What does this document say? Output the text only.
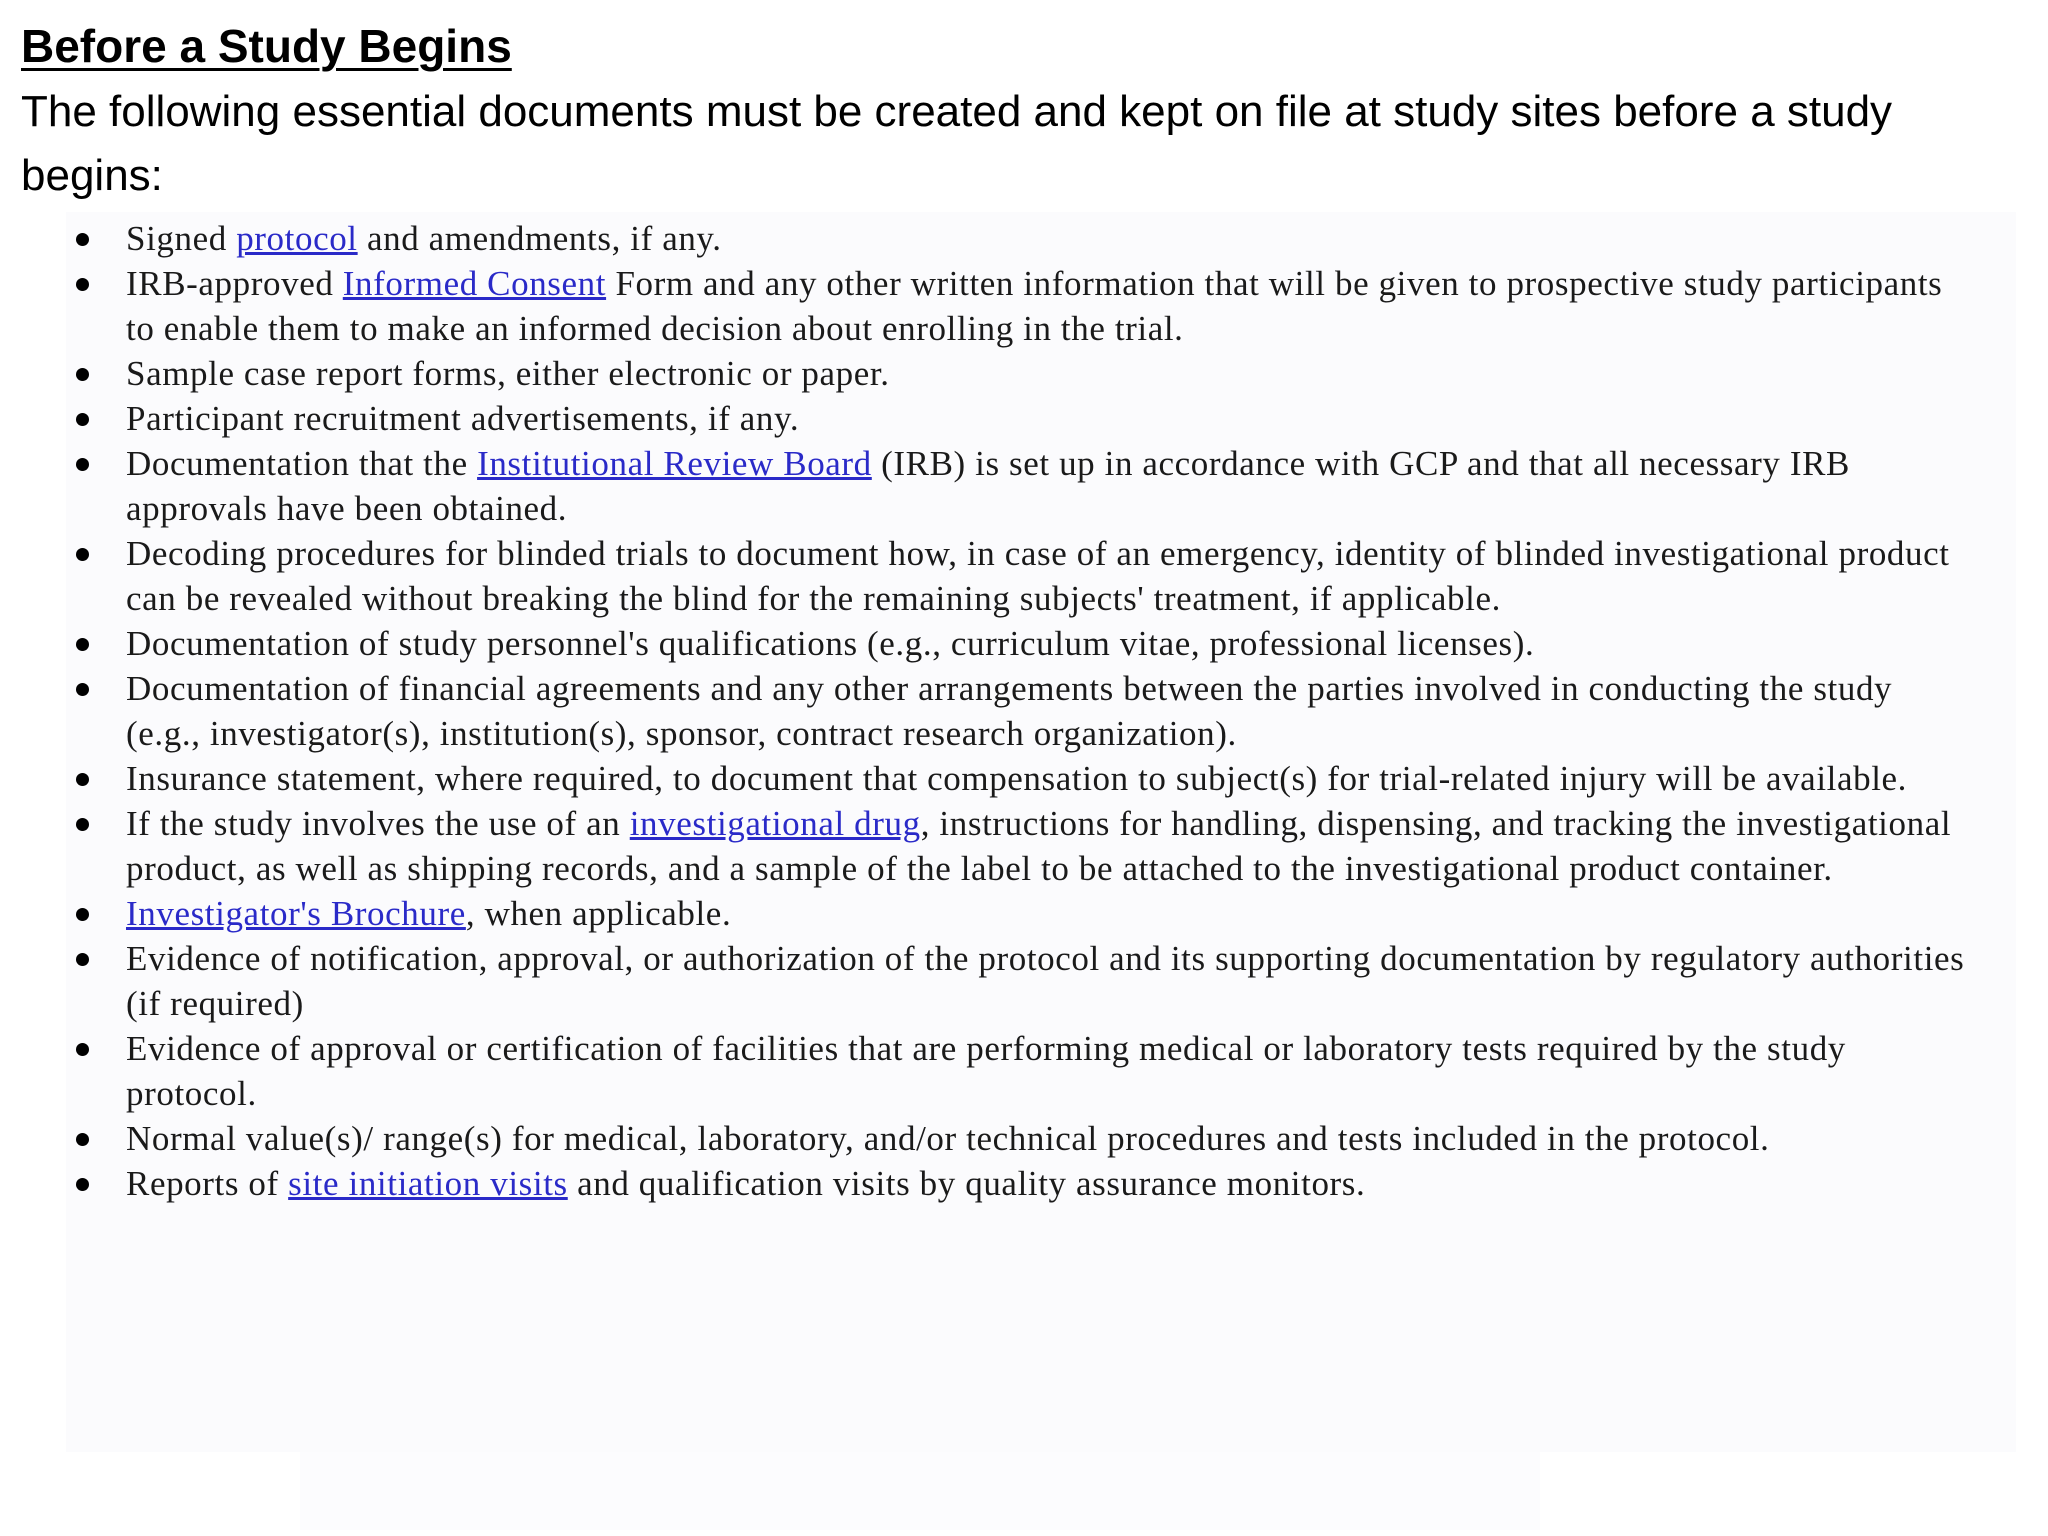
Before a Study Begins

The following essential documents must be created and kept on file at study sites before a study begins:

Signed protocol and amendments, if any.
IRB-approved Informed Consent Form and any other written information that will be given to prospective study participants to enable them to make an informed decision about enrolling in the trial.
Sample case report forms, either electronic or paper.
Participant recruitment advertisements, if any.
Documentation that the Institutional Review Board (IRB) is set up in accordance with GCP and that all necessary IRB approvals have been obtained.
Decoding procedures for blinded trials to document how, in case of an emergency, identity of blinded investigational product can be revealed without breaking the blind for the remaining subjects' treatment, if applicable.
Documentation of study personnel's qualifications (e.g., curriculum vitae, professional licenses).
Documentation of financial agreements and any other arrangements between the parties involved in conducting the study (e.g., investigator(s), institution(s), sponsor, contract research organization).
Insurance statement, where required, to document that compensation to subject(s) for trial-related injury will be available.
If the study involves the use of an investigational drug, instructions for handling, dispensing, and tracking the investigational product, as well as shipping records, and a sample of the label to be attached to the investigational product container.
Investigator's Brochure, when applicable.
Evidence of notification, approval, or authorization of the protocol and its supporting documentation by regulatory authorities (if required)
Evidence of approval or certification of facilities that are performing medical or laboratory tests required by the study protocol.
Normal value(s)/ range(s) for medical, laboratory, and/or technical procedures and tests included in the protocol.
Reports of site initiation visits and qualification visits by quality assurance monitors.
